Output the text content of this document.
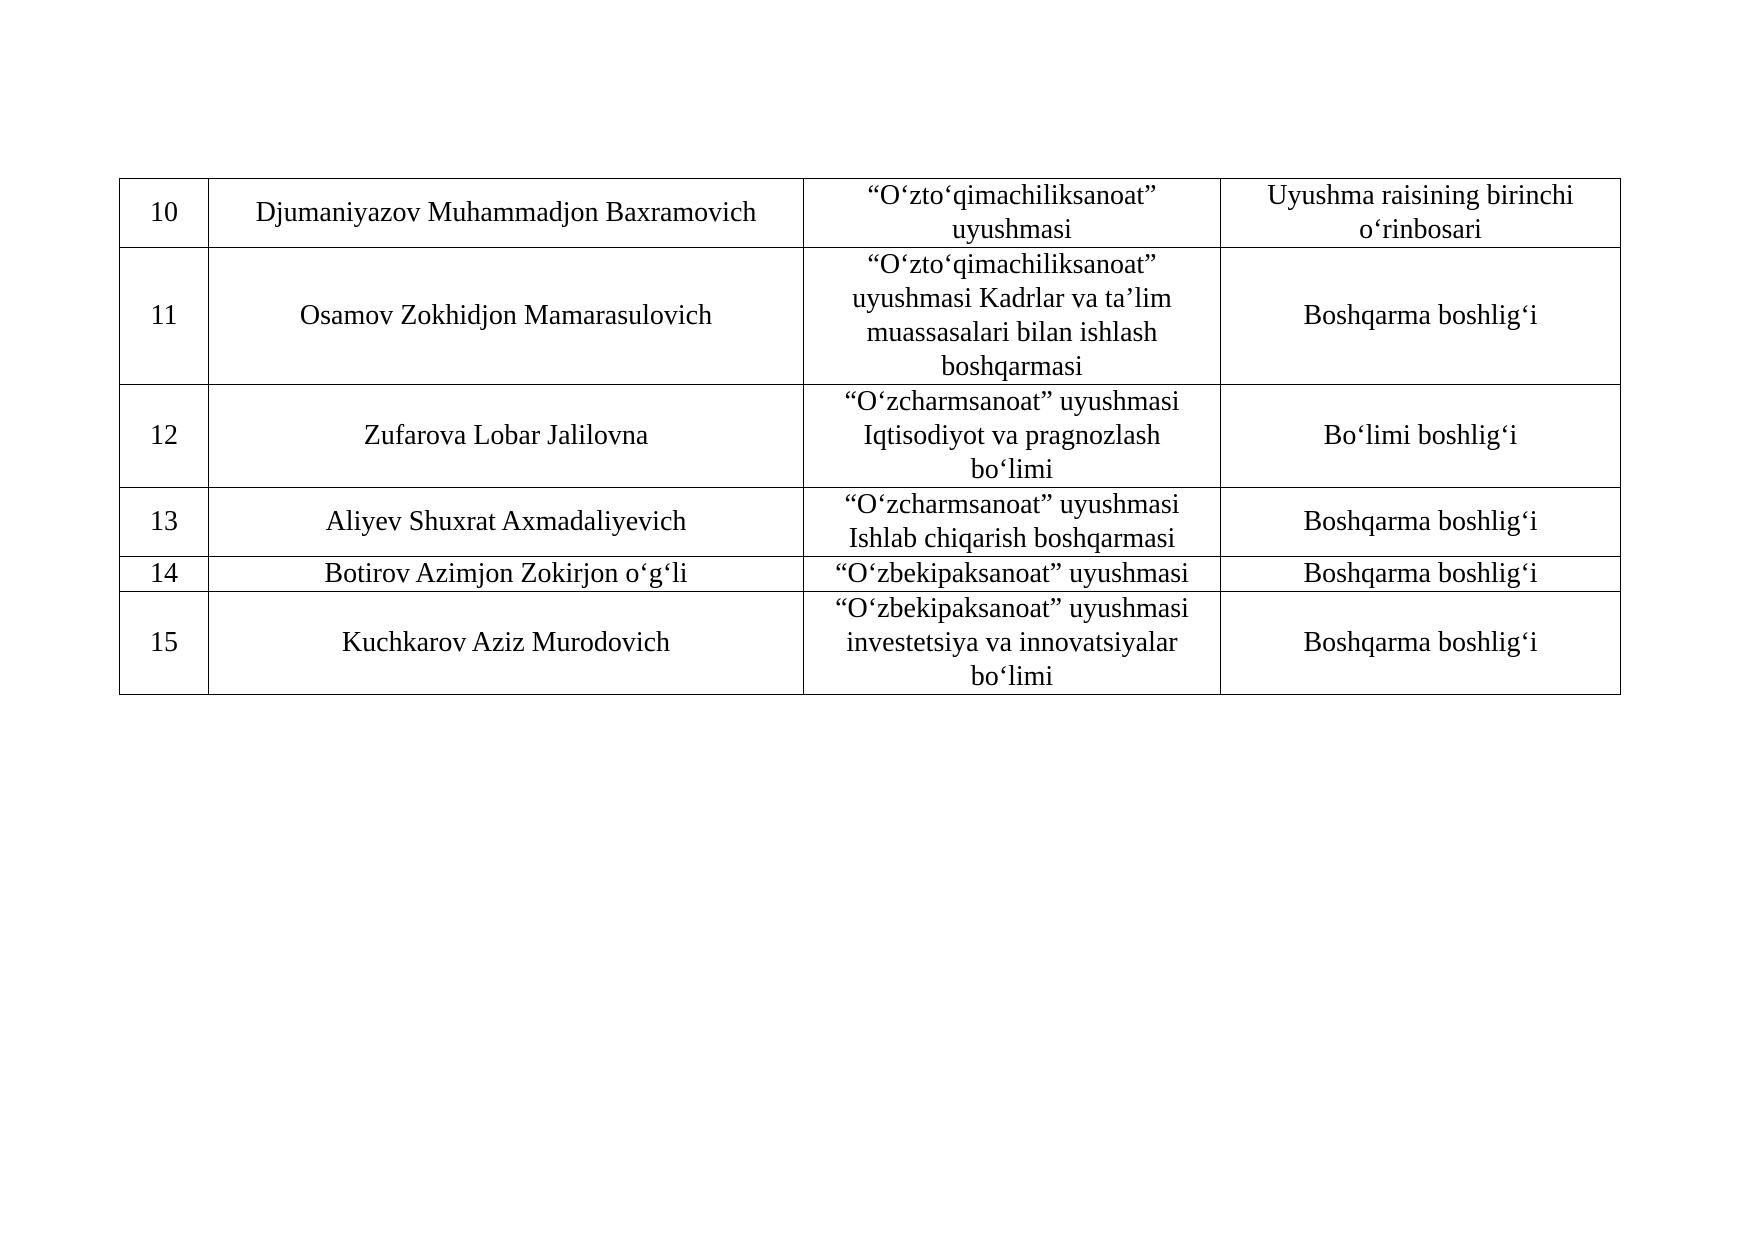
10	Djumaniyazov Muhammadjon Baxramovich	“O‘zto‘qimachiliksanoat”
uyushmasi	Uyushma raisining birinchi
o‘rinbosari

11	Osamov Zokhidjon Mamarasulovich	“O‘zto‘qimachiliksanoat”
uyushmasi Kadrlar va ta’lim
muassasalari bilan ishlash
boshqarmasi	Boshqarma boshlig‘i

12	Zufarova Lobar Jalilovna	“O‘zcharmsanoat” uyushmasi
Iqtisodiyot va pragnozlash
bo‘limi	Bo‘limi boshlig‘i

13	Aliyev Shuxrat Axmadaliyevich	“O‘zcharmsanoat” uyushmasi
Ishlab chiqarish boshqarmasi	Boshqarma boshlig‘i

14	Botirov Azimjon Zokirjon o‘g‘li	“O‘zbekipaksanoat” uyushmasi	Boshqarma boshlig‘i

15	Kuchkarov Aziz Murodovich	“O‘zbekipaksanoat” uyushmasi
investetsiya va innovatsiyalar
bo‘limi	Boshqarma boshlig‘i
